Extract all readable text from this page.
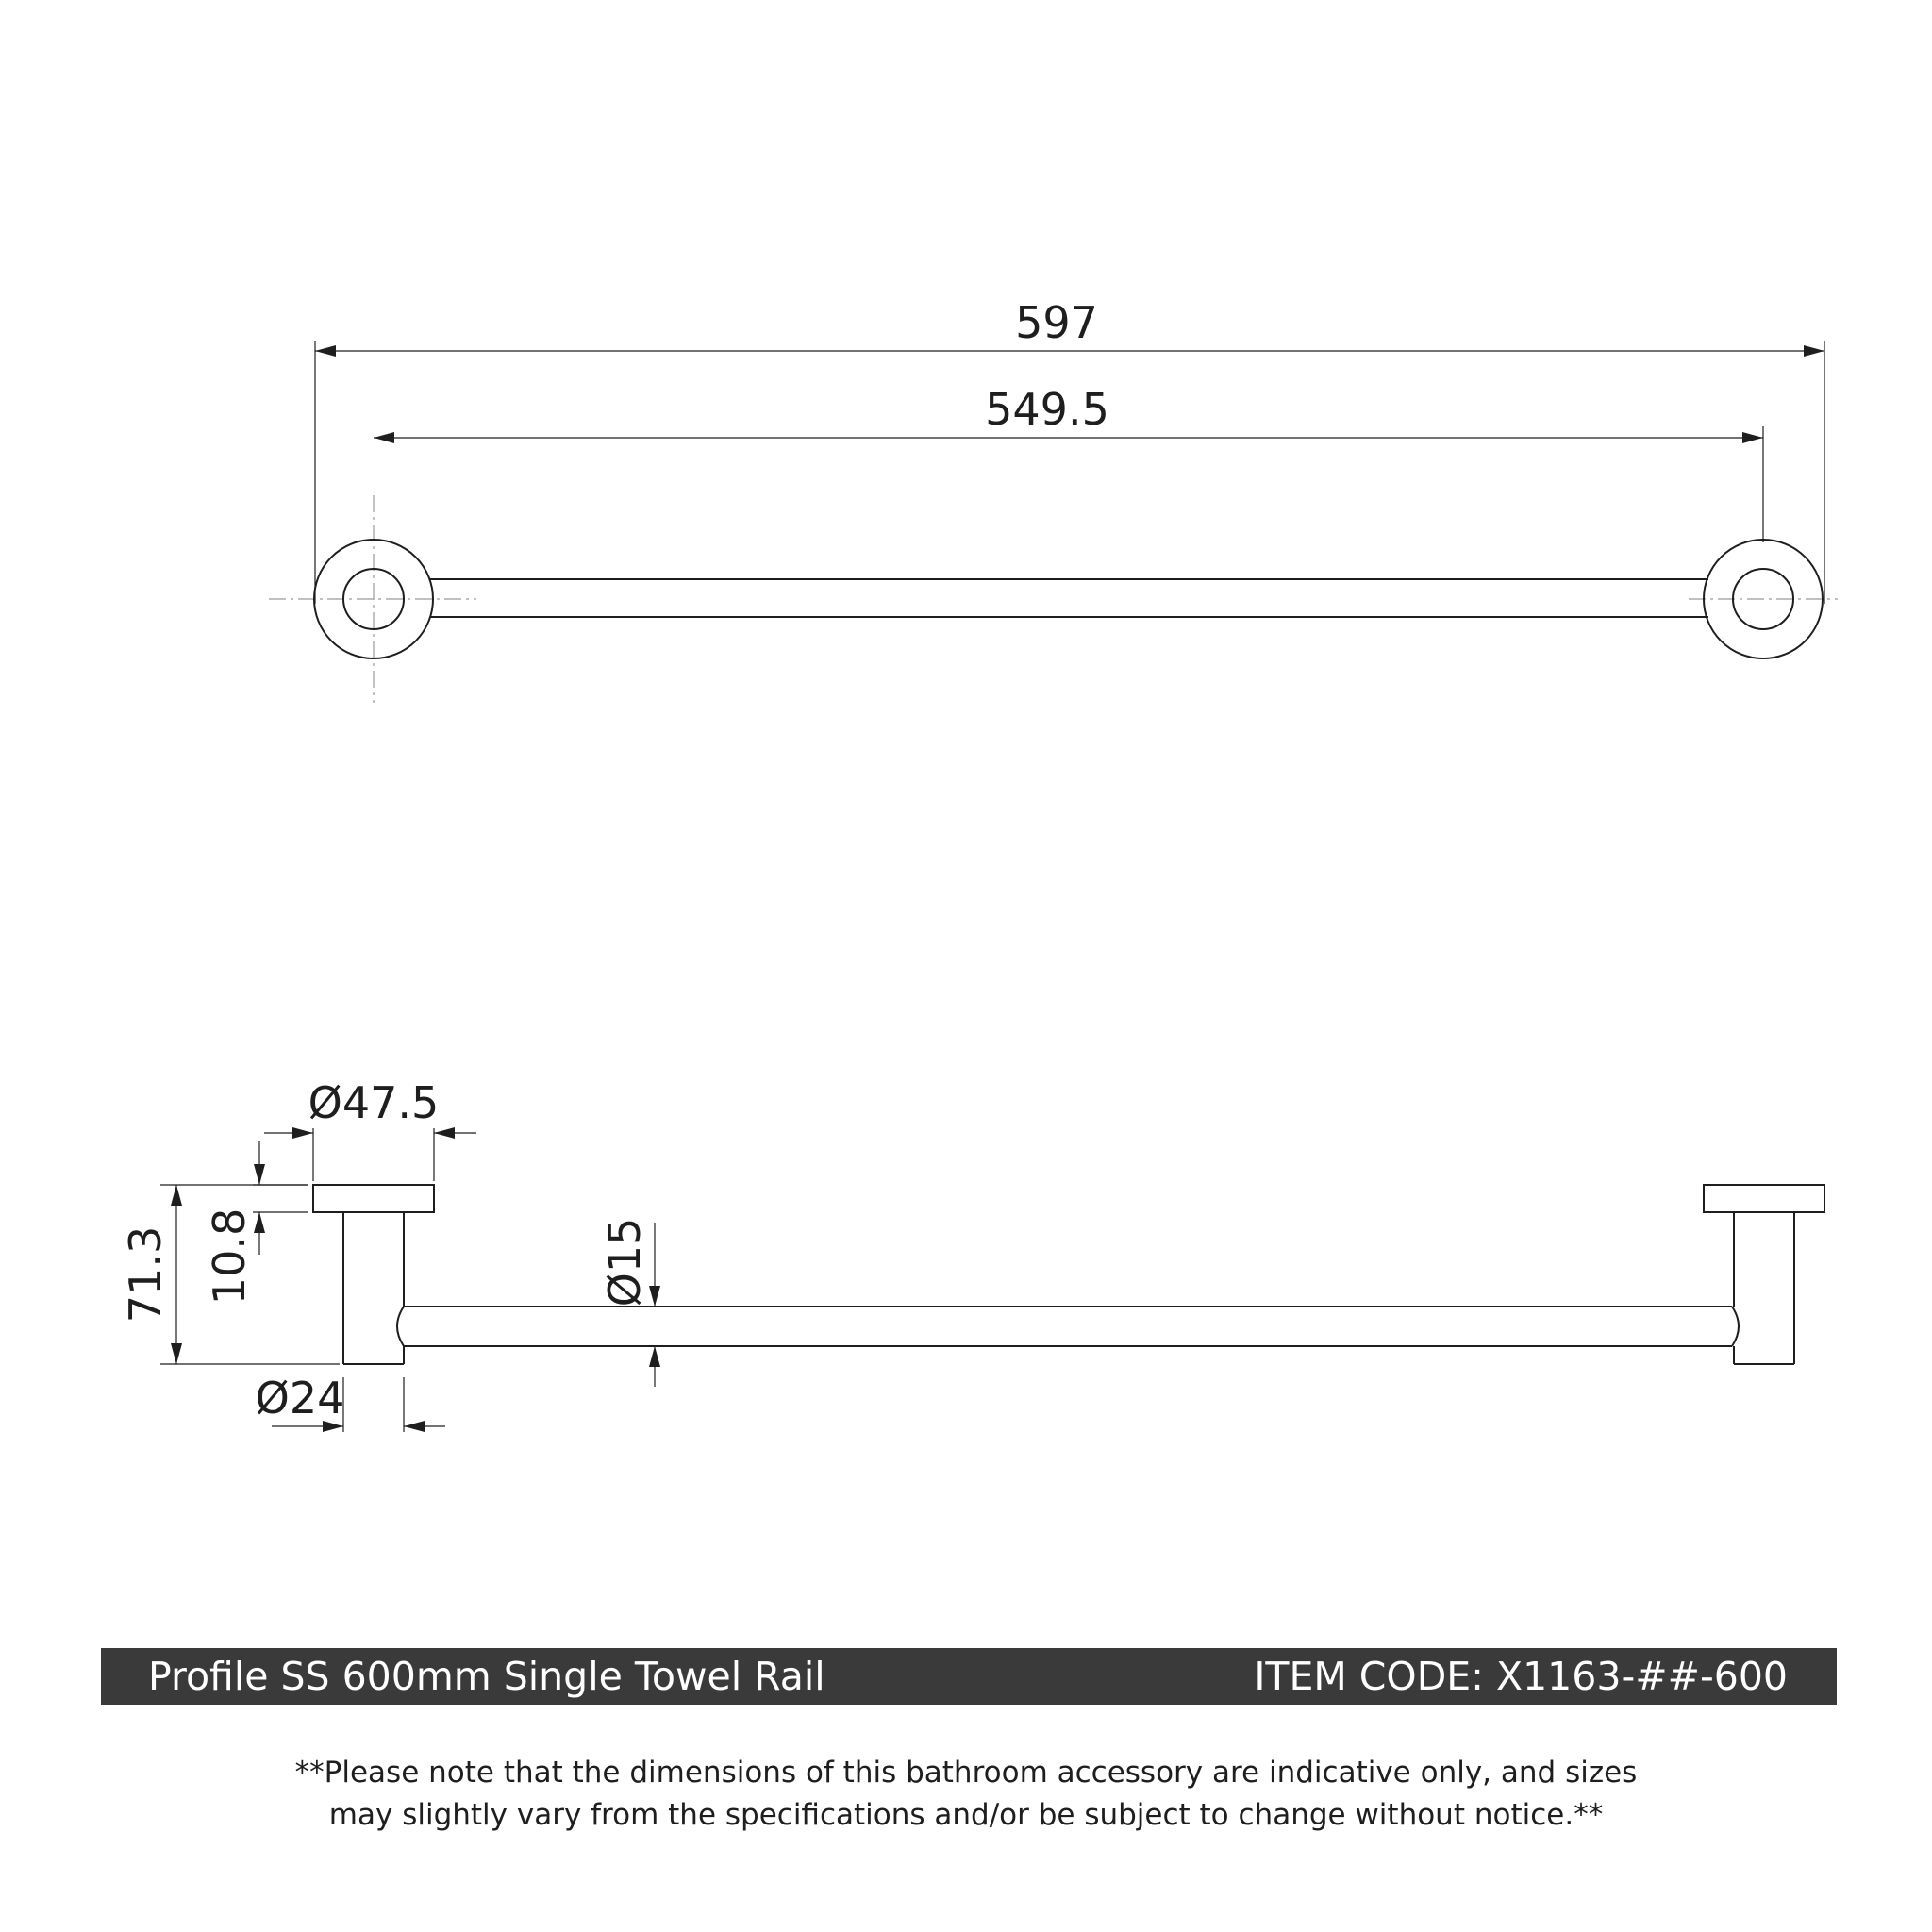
597
549.5
Ø47.5
71.3 10.8	Ø15
Ø24
Profile SS 600mm Single Towel Rail	ITEM CODE: X1163-##-600
**Please note that the dimensions of this bathroom accessory are indicative only, and sizes
may slightly vary from the specifications and/or be subject to change without notice.**
